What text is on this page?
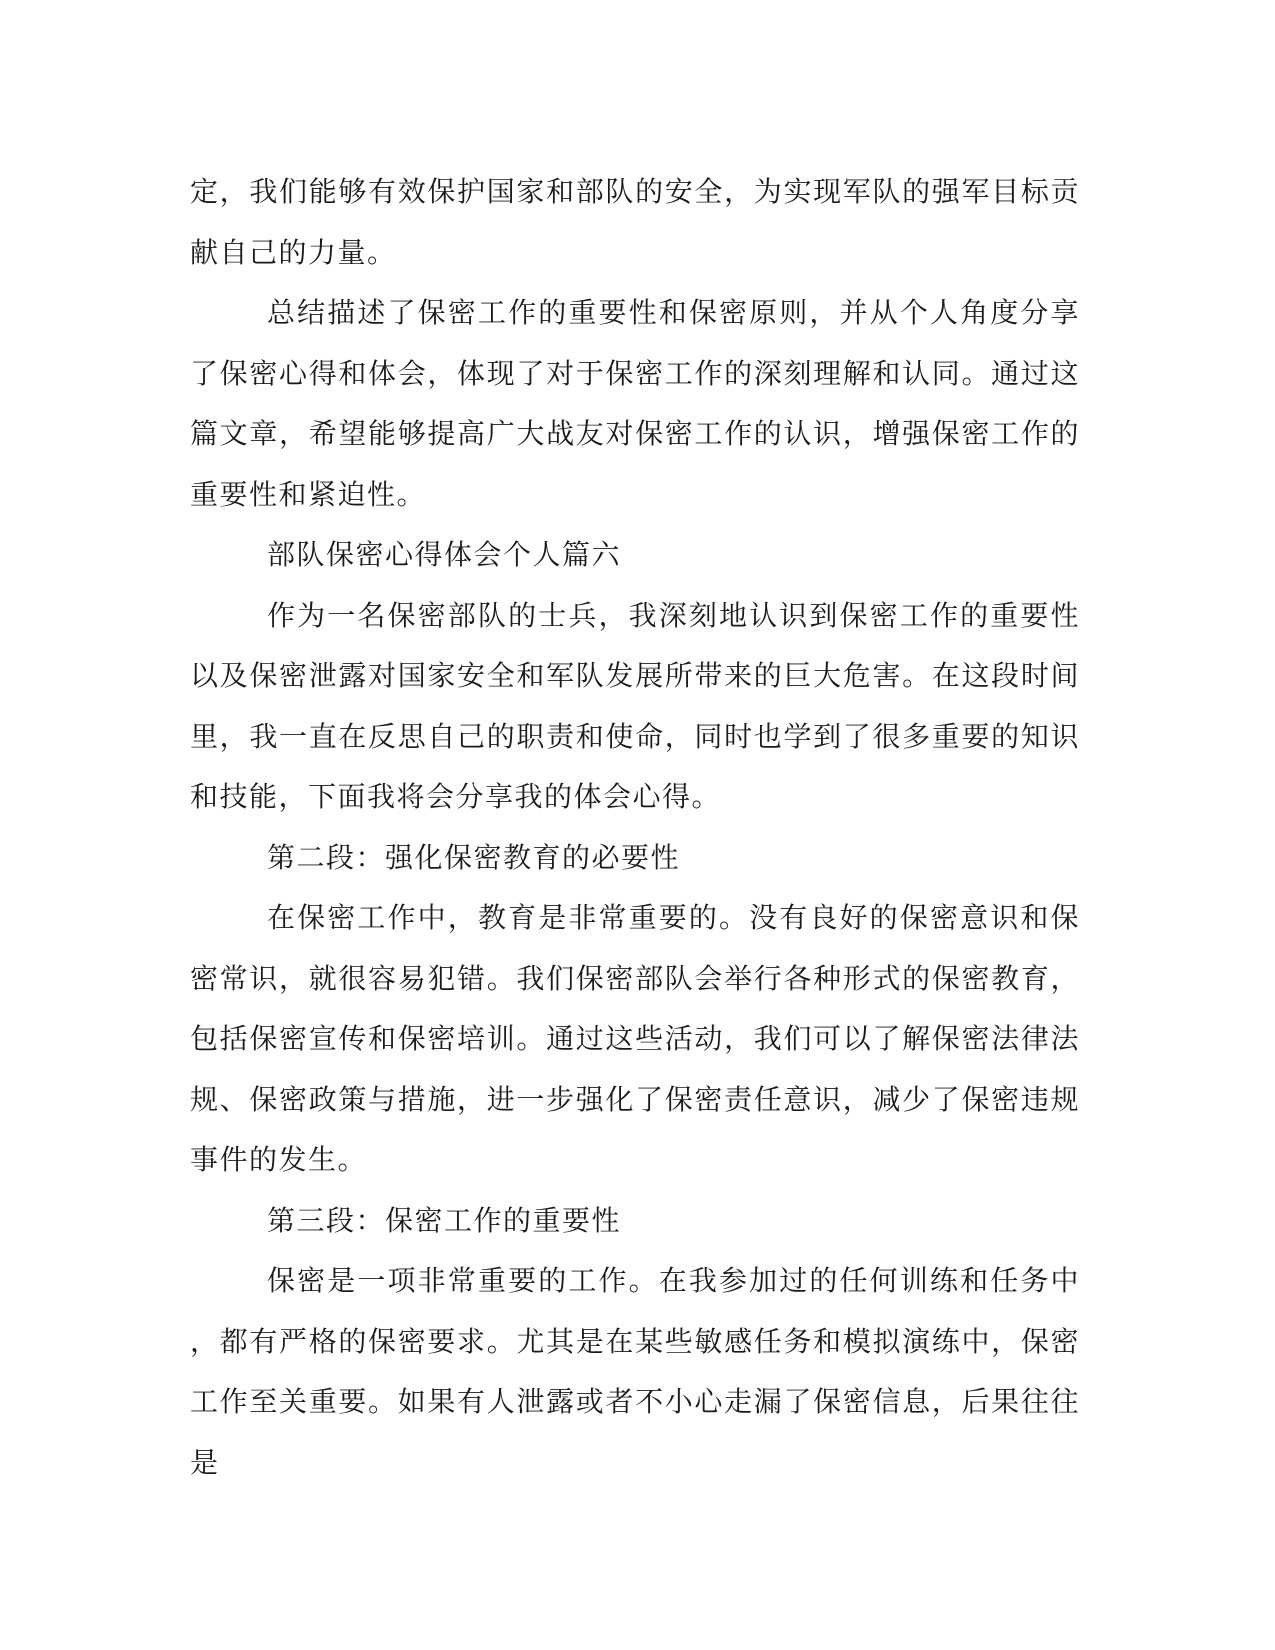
定，我们能够有效保护国家和部队的安全，为实现军队的强军目标贡献自己的力量。

总结描述了保密工作的重要性和保密原则，并从个人角度分享了保密心得和体会，体现了对于保密工作的深刻理解和认同。通过这篇文章，希望能够提高广大战友对保密工作的认识，增强保密工作的重要性和紧迫性。

部队保密心得体会个人篇六

作为一名保密部队的士兵，我深刻地认识到保密工作的重要性以及保密泄露对国家安全和军队发展所带来的巨大危害。在这段时间里，我一直在反思自己的职责和使命，同时也学到了很多重要的知识和技能，下面我将会分享我的体会心得。

第二段：强化保密教育的必要性

在保密工作中，教育是非常重要的。没有良好的保密意识和保密常识，就很容易犯错。我们保密部队会举行各种形式的保密教育，包括保密宣传和保密培训。通过这些活动，我们可以了解保密法律法规、保密政策与措施，进一步强化了保密责任意识，减少了保密违规事件的发生。

第三段：保密工作的重要性

保密是一项非常重要的工作。在我参加过的任何训练和任务中，都有严格的保密要求。尤其是在某些敏感任务和模拟演练中，保密工作至关重要。如果有人泄露或者不小心走漏了保密信息，后果往往是
